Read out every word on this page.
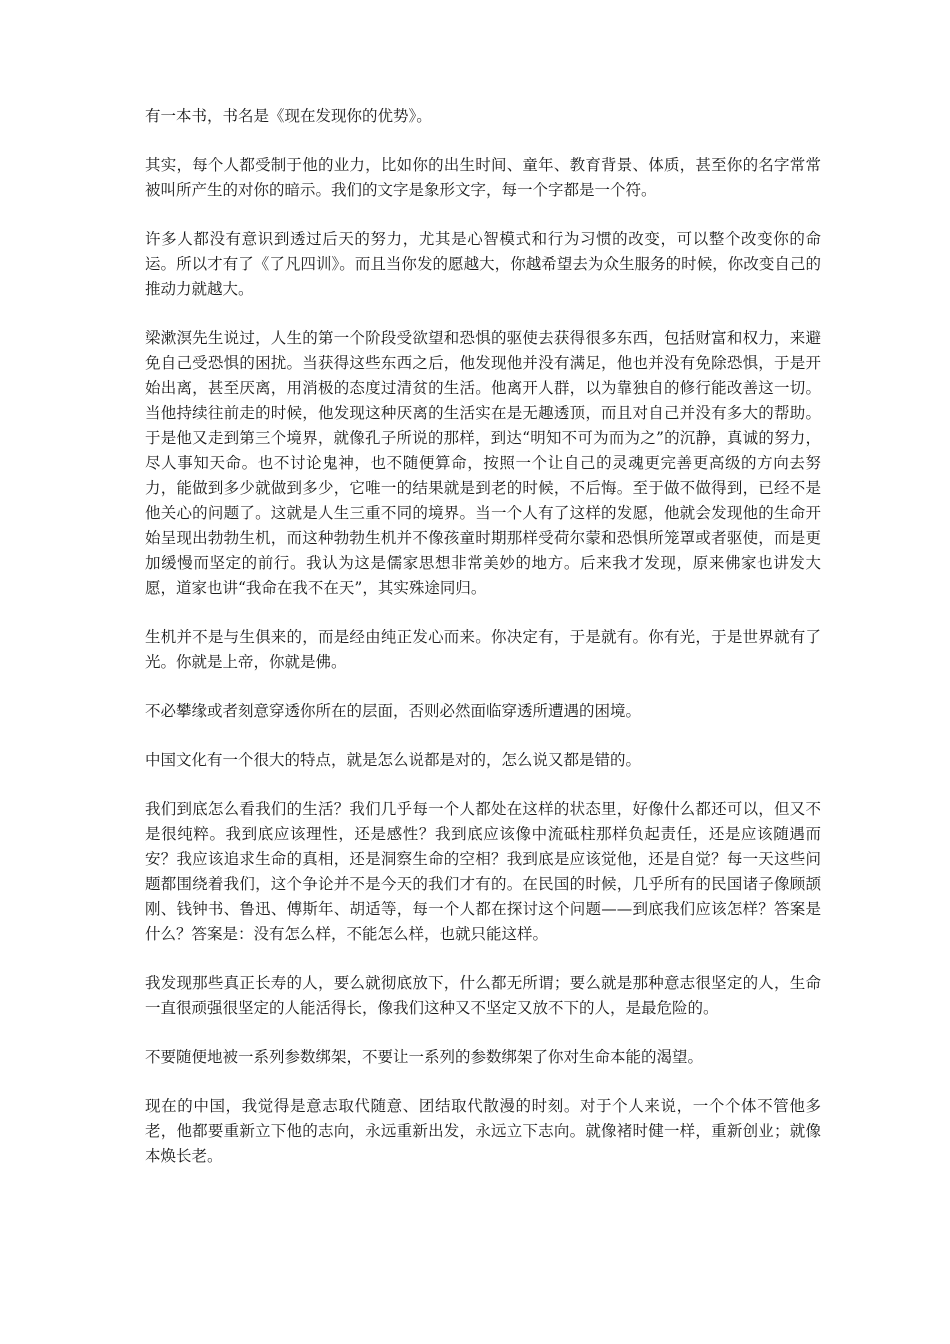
有一本书，书名是《现在发现你的优势》。

其实，每个人都受制于他的业力，比如你的出生时间、童年、教育背景、体质，甚至你的名字常常被叫所产生的对你的暗示。我们的文字是象形文字，每一个字都是一个符。

许多人都没有意识到透过后天的努力，尤其是心智模式和行为习惯的改变，可以整个改变你的命运。所以才有了《了凡四训》。而且当你发的愿越大，你越希望去为众生服务的时候，你改变自己的推动力就越大。

梁漱溟先生说过，人生的第一个阶段受欲望和恐惧的驱使去获得很多东西，包括财富和权力，来避免自己受恐惧的困扰。当获得这些东西之后，他发现他并没有满足，他也并没有免除恐惧，于是开始出离，甚至厌离，用消极的态度过清贫的生活。他离开人群，以为靠独自的修行能改善这一切。当他持续往前走的时候，他发现这种厌离的生活实在是无趣透顶，而且对自己并没有多大的帮助。于是他又走到第三个境界，就像孔子所说的那样，到达“明知不可为而为之”的沉静，真诚的努力，尽人事知天命。也不讨论鬼神，也不随便算命，按照一个让自己的灵魂更完善更高级的方向去努力，能做到多少就做到多少，它唯一的结果就是到老的时候，不后悔。至于做不做得到，已经不是他关心的问题了。这就是人生三重不同的境界。当一个人有了这样的发愿，他就会发现他的生命开始呈现出勃勃生机，而这种勃勃生机并不像孩童时期那样受荷尔蒙和恐惧所笼罩或者驱使，而是更加缓慢而坚定的前行。我认为这是儒家思想非常美妙的地方。后来我才发现，原来佛家也讲发大愿，道家也讲“我命在我不在天”，其实殊途同归。

生机并不是与生俱来的，而是经由纯正发心而来。你决定有，于是就有。你有光，于是世界就有了光。你就是上帝，你就是佛。

不必攀缘或者刻意穿透你所在的层面，否则必然面临穿透所遭遇的困境。

中国文化有一个很大的特点，就是怎么说都是对的，怎么说又都是错的。

我们到底怎么看我们的生活？我们几乎每一个人都处在这样的状态里，好像什么都还可以，但又不是很纯粹。我到底应该理性，还是感性？我到底应该像中流砥柱那样负起责任，还是应该随遇而安？我应该追求生命的真相，还是洞察生命的空相？我到底是应该觉他，还是自觉？每一天这些问题都围绕着我们，这个争论并不是今天的我们才有的。在民国的时候，几乎所有的民国诸子像顾颉刚、钱钟书、鲁迅、傅斯年、胡适等，每一个人都在探讨这个问题——到底我们应该怎样？答案是什么？答案是：没有怎么样，不能怎么样，也就只能这样。

我发现那些真正长寿的人，要么就彻底放下，什么都无所谓；要么就是那种意志很坚定的人，生命一直很顽强很坚定的人能活得长，像我们这种又不坚定又放不下的人，是最危险的。

不要随便地被一系列参数绑架，不要让一系列的参数绑架了你对生命本能的渴望。

现在的中国，我觉得是意志取代随意、团结取代散漫的时刻。对于个人来说，一个个体不管他多老，他都要重新立下他的志向，永远重新出发，永远立下志向。就像褚时健一样，重新创业；就像本焕长老。
